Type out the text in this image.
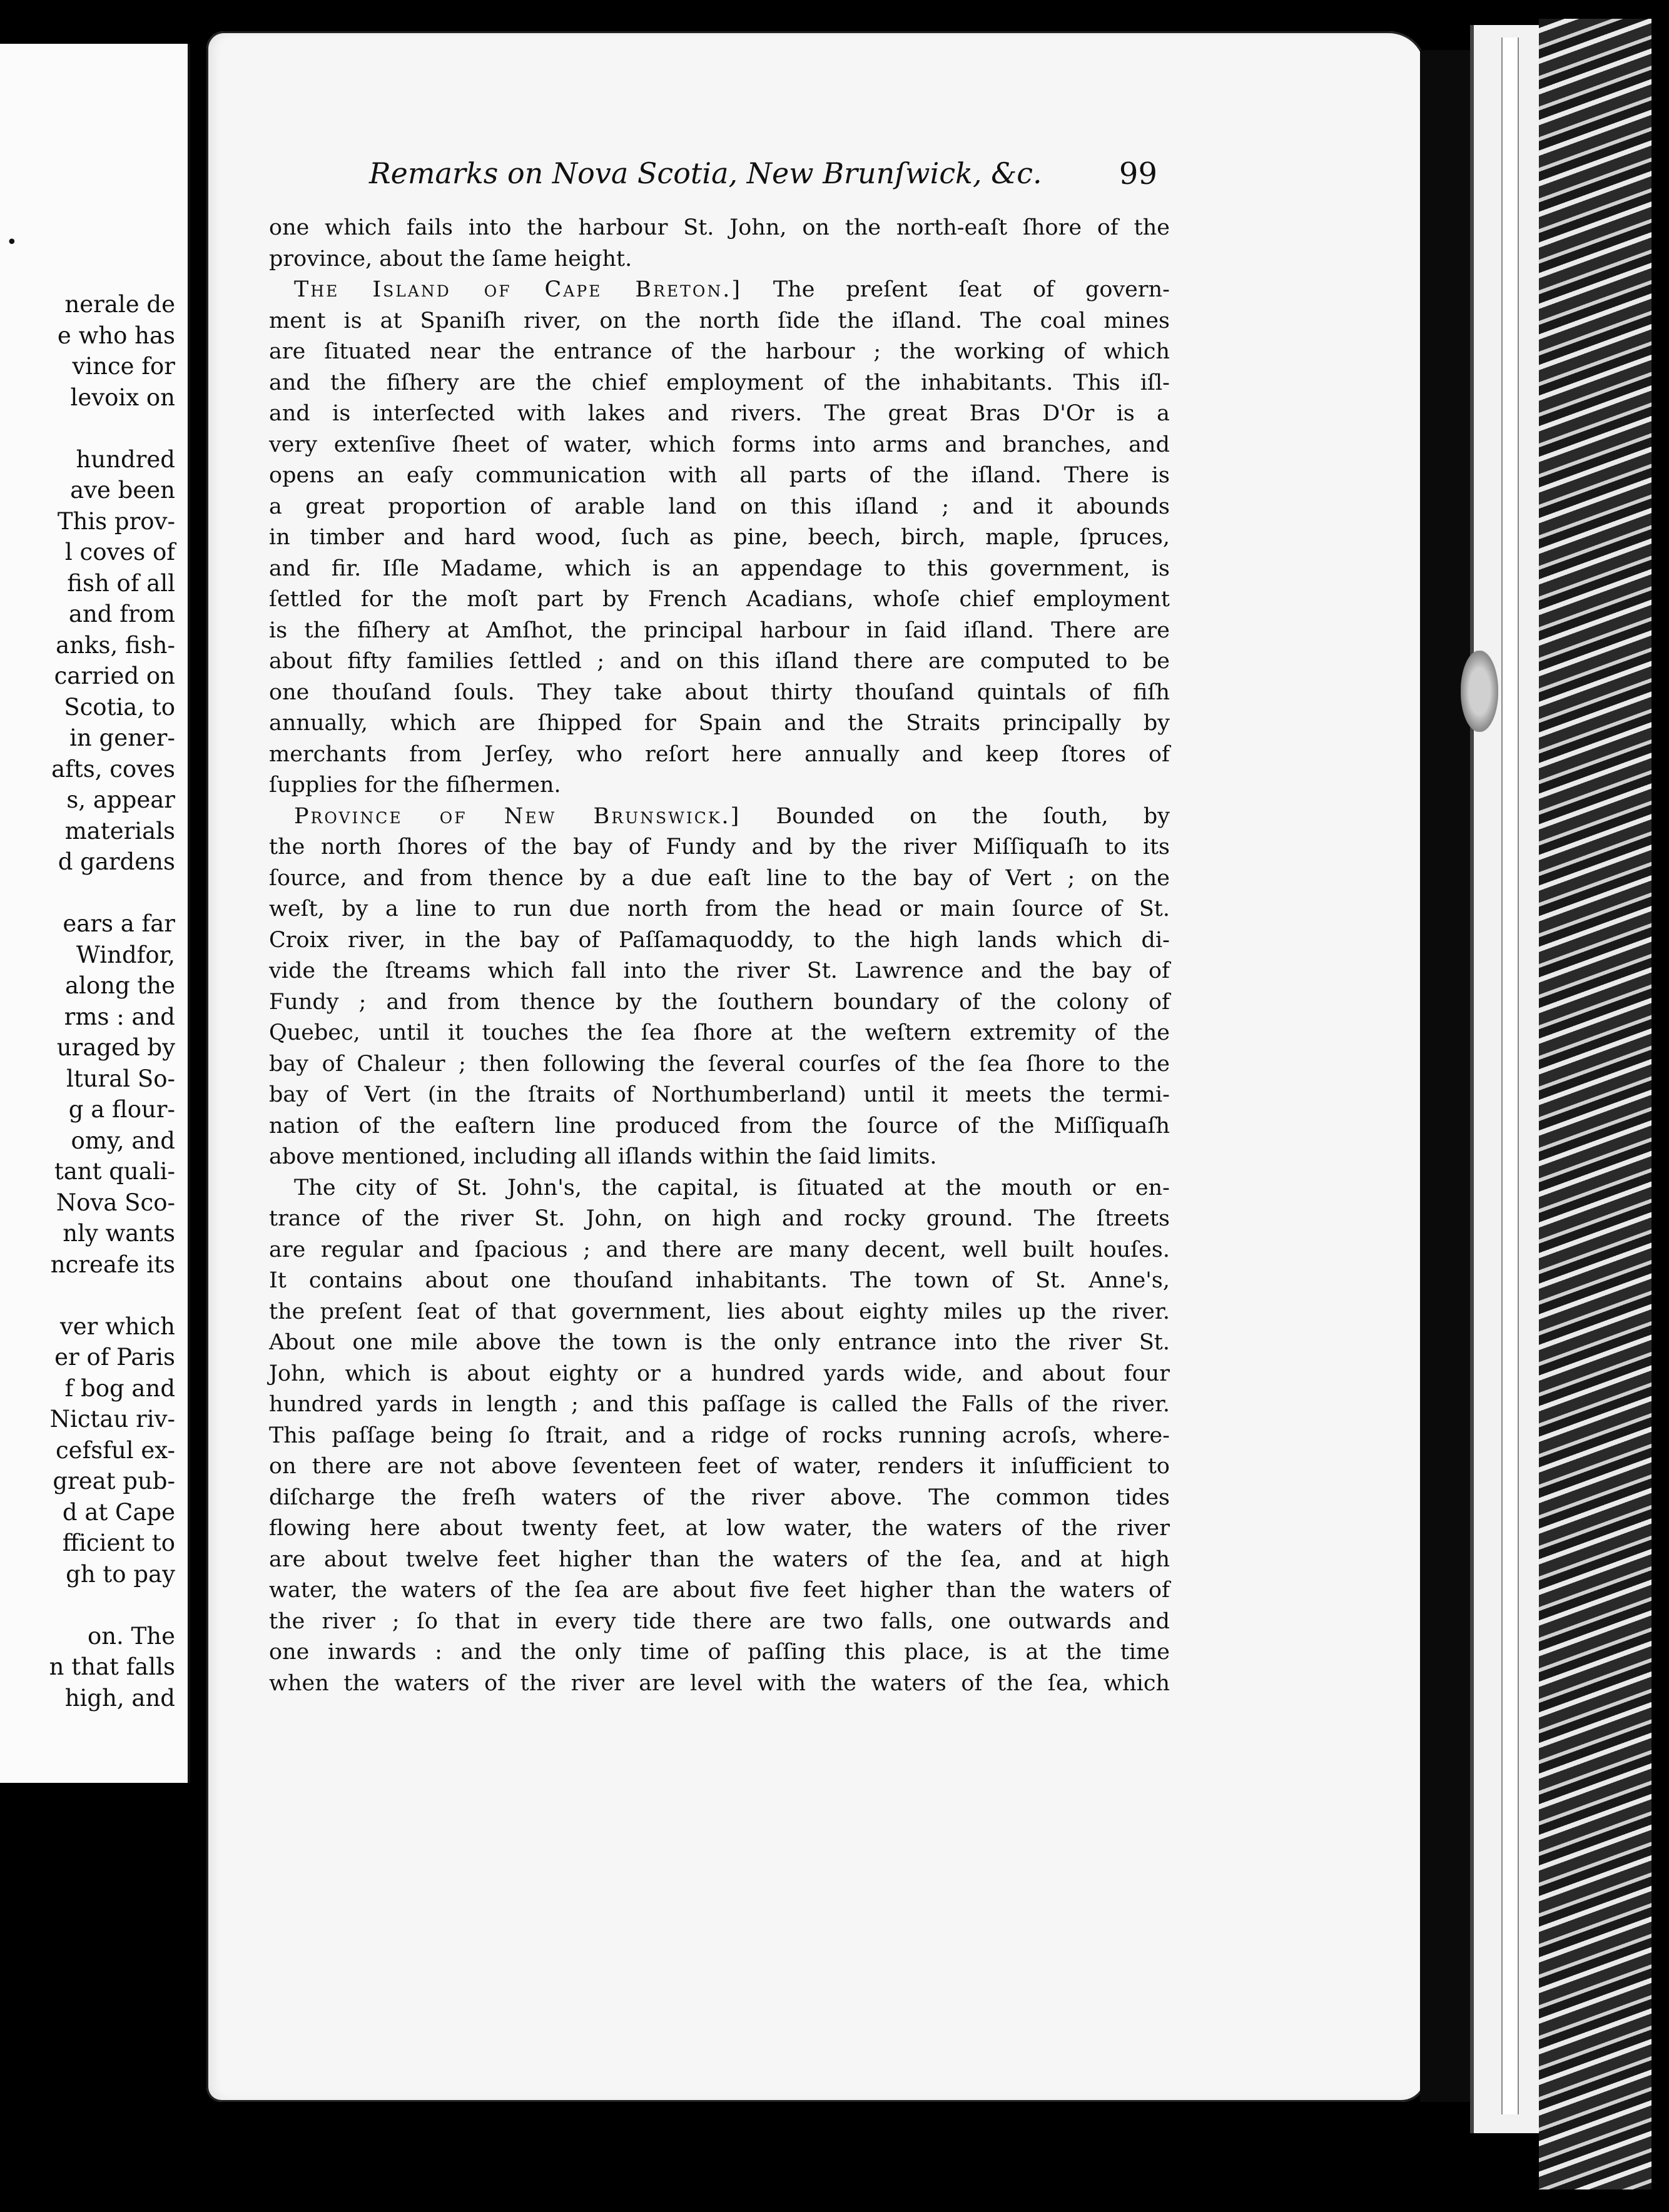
•
nerale de
e who has
vince for
levoix on
hundred
ave been
This prov-
l coves of
fish of all
and from
anks, fish-
carried on
Scotia, to
in gener-
afts, coves
s, appear
materials
d gardens
ears a far
Windfor,
along the
rms : and
uraged by
ltural So-
g a flour-
omy, and
tant quali-
Nova Sco-
nly wants
ncreafe its
ver which
er of Paris
f bog and
Nictau riv-
cefsful ex-
great pub-
d at Cape
fficient to
gh to pay
on. The
n that falls
high, and
Remarks on Nova Scotia, New Brunſwick, &c.	99
one which fails into the harbour St. John, on the north-eaſt ſhore of the
province, about the ſame height.
The Island of Cape Breton.] The preſent ſeat of govern-
ment is at Spaniſh river, on the north ſide the iſland. The coal mines
are ſituated near the entrance of the harbour ; the working of which
and the fiſhery are the chief employment of the inhabitants. This iſl-
and is interſected with lakes and rivers. The great Bras D'Or is a
very extenſive ſheet of water, which forms into arms and branches, and
opens an eaſy communication with all parts of the iſland. There is
a great proportion of arable land on this iſland ; and it abounds
in timber and hard wood, ſuch as pine, beech, birch, maple, ſpruces,
and fir. Iſle Madame, which is an appendage to this government, is
ſettled for the moſt part by French Acadians, whoſe chief employment
is the fiſhery at Amſhot, the principal harbour in ſaid iſland. There are
about fifty families ſettled ; and on this iſland there are computed to be
one thouſand ſouls. They take about thirty thouſand quintals of fiſh
annually, which are ſhipped for Spain and the Straits principally by
merchants from Jerſey, who reſort here annually and keep ſtores of
ſupplies for the fiſhermen.
Province of New Brunswick.] Bounded on the ſouth, by
the north ſhores of the bay of Fundy and by the river Miſſiquaſh to its
ſource, and from thence by a due eaſt line to the bay of Vert ; on the
weſt, by a line to run due north from the head or main ſource of St.
Croix river, in the bay of Paſſamaquoddy, to the high lands which di-
vide the ſtreams which fall into the river St. Lawrence and the bay of
Fundy ; and from thence by the ſouthern boundary of the colony of
Quebec, until it touches the ſea ſhore at the weſtern extremity of the
bay of Chaleur ; then following the ſeveral courſes of the ſea ſhore to the
bay of Vert (in the ſtraits of Northumberland) until it meets the termi-
nation of the eaſtern line produced from the ſource of the Miſſiquaſh
above mentioned, including all iſlands within the ſaid limits.
The city of St. John's, the capital, is ſituated at the mouth or en-
trance of the river St. John, on high and rocky ground. The ſtreets
are regular and ſpacious ; and there are many decent, well built houſes.
It contains about one thouſand inhabitants. The town of St. Anne's,
the preſent ſeat of that government, lies about eighty miles up the river.
About one mile above the town is the only entrance into the river St.
John, which is about eighty or a hundred yards wide, and about four
hundred yards in length ; and this paſſage is called the Falls of the river.
This paſſage being ſo ſtrait, and a ridge of rocks running acroſs, where-
on there are not above ſeventeen feet of water, renders it inſufficient to
diſcharge the freſh waters of the river above. The common tides
flowing here about twenty feet, at low water, the waters of the river
are about twelve feet higher than the waters of the ſea, and at high
water, the waters of the ſea are about five feet higher than the waters of
the river ; ſo that in every tide there are two falls, one outwards and
one inwards : and the only time of paſſing this place, is at the time
when the waters of the river are level with the waters of the ſea, which
